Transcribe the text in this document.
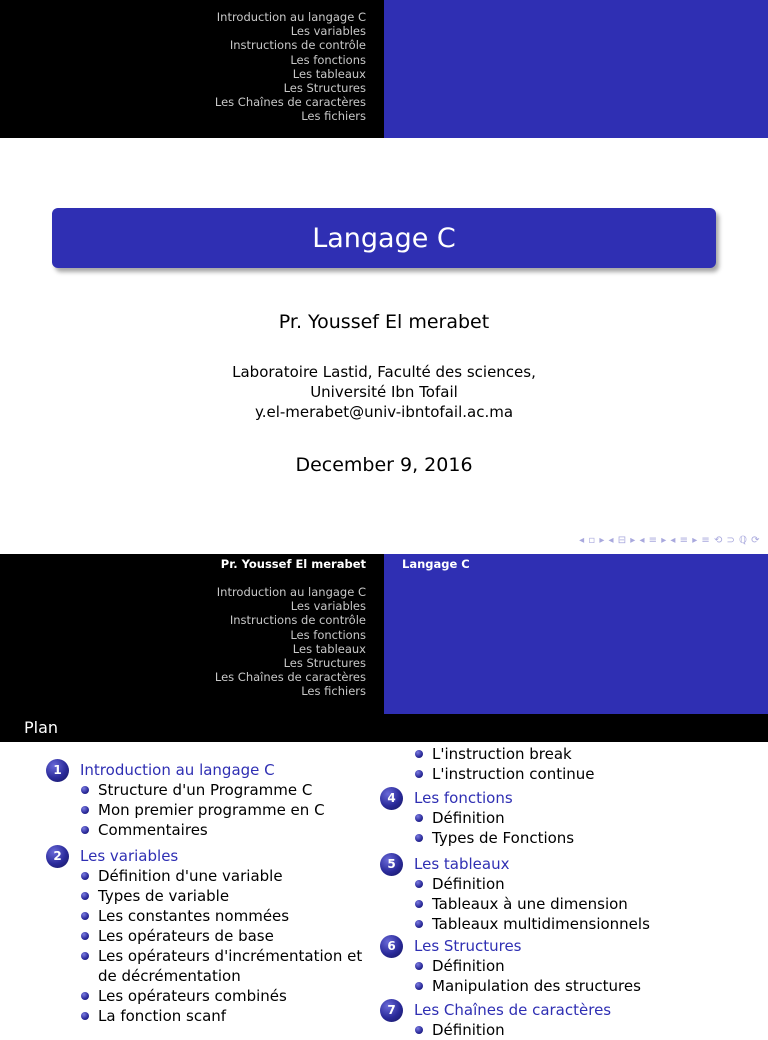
Introduction au langage C
Les variables
Instructions de contrôle
Les fonctions
Les tableaux
Les Structures
Les Chaînes de caractères
Les fichiers
Langage C
Pr. Youssef El merabet
Laboratoire Lastid, Faculté des sciences,
Université Ibn Tofail
y.el-merabet@univ-ibntofail.ac.ma
December 9, 2016
◂ ▫ ▸ ◂ ⊟ ▸ ◂ ≡ ▸ ◂ ≡ ▸ ≡ ⟲ ⊃ ℚ ⟳
Pr. Youssef El merabet
Introduction au langage C
Les variables
Instructions de contrôle
Les fonctions
Les tableaux
Les Structures
Les Chaînes de caractères
Les fichiers
Langage C
Plan
1	Introduction au langage C
Structure d'un Programme C
Mon premier programme en C
Commentaires
2	Les variables
Définition d'une variable
Types de variable
Les constantes nommées
Les opérateurs de base
Les opérateurs d'incrémentation et de décrémentation
Les opérateurs combinés
La fonction scanf
L'instruction break
L'instruction continue
4	Les fonctions
Définition
Types de Fonctions
5	Les tableaux
Définition
Tableaux à une dimension
Tableaux multidimensionnels
6	Les Structures
Définition
Manipulation des structures
7	Les Chaînes de caractères
Définition
